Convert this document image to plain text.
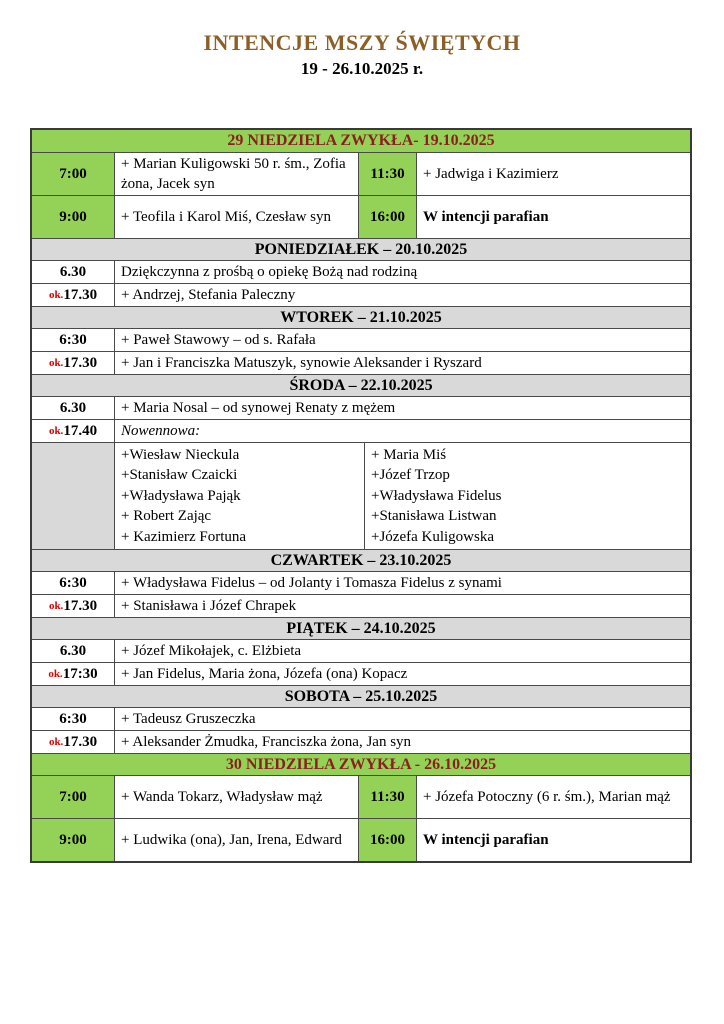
INTENCJE MSZY ŚWIĘTYCH
19 - 26.10.2025 r.
29 NIEDZIELA ZWYKŁA- 19.10.2025
7:00
+ Marian Kuligowski 50 r. śm., Zofia żona, Jacek syn
11:30 + Jadwiga i Kazimierz
9:00 + Teofila i Karol Miś, Czesław syn	16:00 W intencji parafian
PONIEDZIAŁEK – 20.10.2025
6.30 Dziękczynna z prośbą o opiekę Bożą nad rodziną
ok. 17.30 + Andrzej, Stefania Paleczny
WTOREK – 21.10.2025
6:30 + Paweł Stawowy – od s. Rafała
ok. 17.30 + Jan i Franciszka Matuszyk, synowie Aleksander i Ryszard
ŚRODA – 22.10.2025
6.30 + Maria Nosal – od synowej Renaty z mężem
ok. 17.40 Nowennowa:
+Wiesław Nieckula
+Stanisław Czaicki
+Władysława Pająk
+ Robert Zając
+ Kazimierz Fortuna
+ Maria Miś
+Józef Trzop
+Władysława Fidelus
+Stanisława Listwan
+Józefa Kuligowska
CZWARTEK – 23.10.2025
6:30 + Władysława Fidelus – od Jolanty i Tomasza Fidelus z synami
ok. 17.30 + Stanisława i Józef Chrapek
PIĄTEK – 24.10.2025
6.30 + Józef Mikołajek, c. Elżbieta
ok. 17:30 + Jan Fidelus, Maria żona, Józefa (ona) Kopacz
SOBOTA – 25.10.2025
6:30 + Tadeusz Gruszeczka
ok. 17.30 + Aleksander Żmudka, Franciszka żona, Jan syn
30 NIEDZIELA ZWYKŁA - 26.10.2025
7:00 + Wanda Tokarz, Władysław mąż	11:30 + Józefa Potoczny (6 r. śm.), Marian mąż
9:00 + Ludwika (ona), Jan, Irena, Edward 16:00 W intencji parafian
